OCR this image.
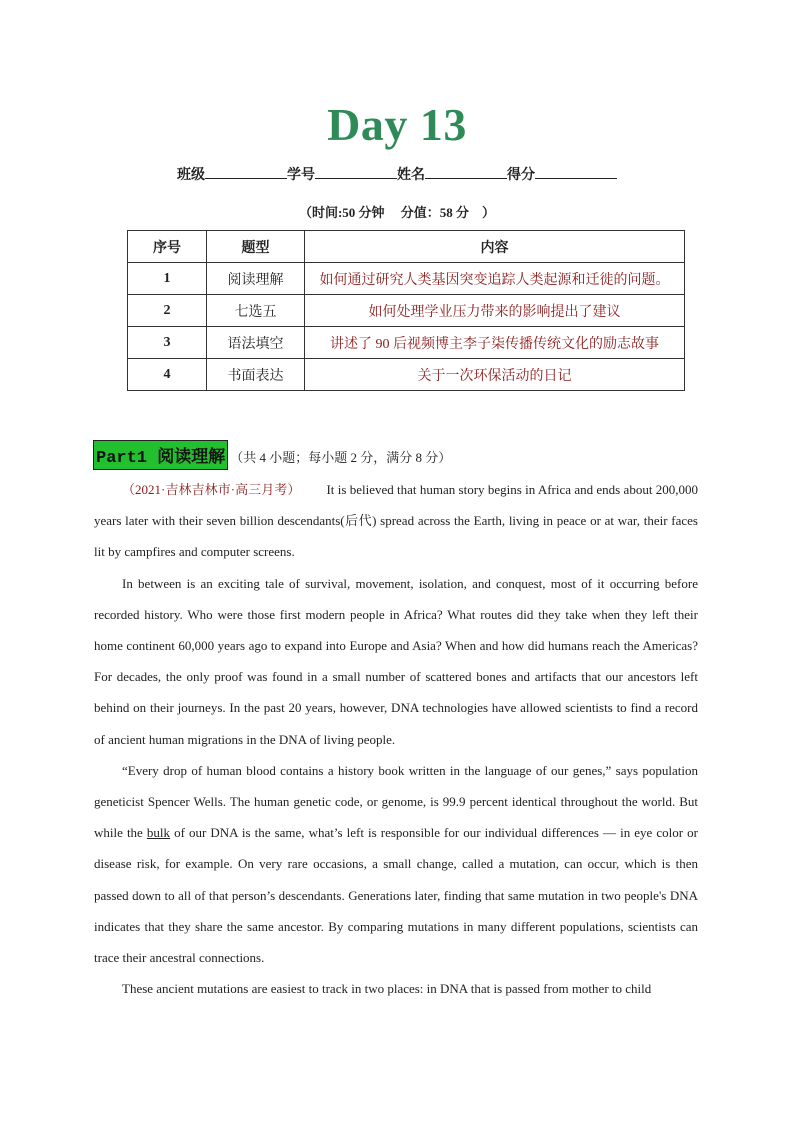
Day 13
班级	学号	姓名	得分
（时间:50 分钟　 分值：58 分　）
序号	题型	内容
1	阅读理解	如何通过研究人类基因突变追踪人类起源和迁徙的问题。
2	七选五	如何处理学业压力带来的影响提出了建议
3	语法填空	讲述了 90 后视频博主李子柒传播传统文化的励志故事
4	书面表达	关于一次环保活动的日记
Part1 阅读理解 （共 4 小题；每小题 2 分，满分 8 分）

（2021·吉林吉林市·高三月考） It is believed that human story begins in Africa and ends about 200,000 years later with their seven billion descendants(后代) spread across the Earth, living in peace or at war, their faces lit by campfires and computer screens.

In between is an exciting tale of survival, movement, isolation, and conquest, most of it occurring before recorded history. Who were those first modern people in Africa? What routes did they take when they left their home continent 60,000 years ago to expand into Europe and Asia? When and how did humans reach the Americas? For decades, the only proof was found in a small number of scattered bones and artifacts that our ancestors left behind on their journeys. In the past 20 years, however, DNA technologies have allowed scientists to find a record of ancient human migrations in the DNA of living people.

“Every drop of human blood contains a history book written in the language of our genes,” says population geneticist Spencer Wells. The human genetic code, or genome, is 99.9 percent identical throughout the world. But while the bulk of our DNA is the same, what’s left is responsible for our individual differences — in eye color or disease risk, for example. On very rare occasions, a small change, called a mutation, can occur, which is then passed down to all of that person’s descendants. Generations later, finding that same mutation in two people's DNA indicates that they share the same ancestor. By comparing mutations in many different populations, scientists can trace their ancestral connections.

These ancient mutations are easiest to track in two places: in DNA that is passed from mother to child
